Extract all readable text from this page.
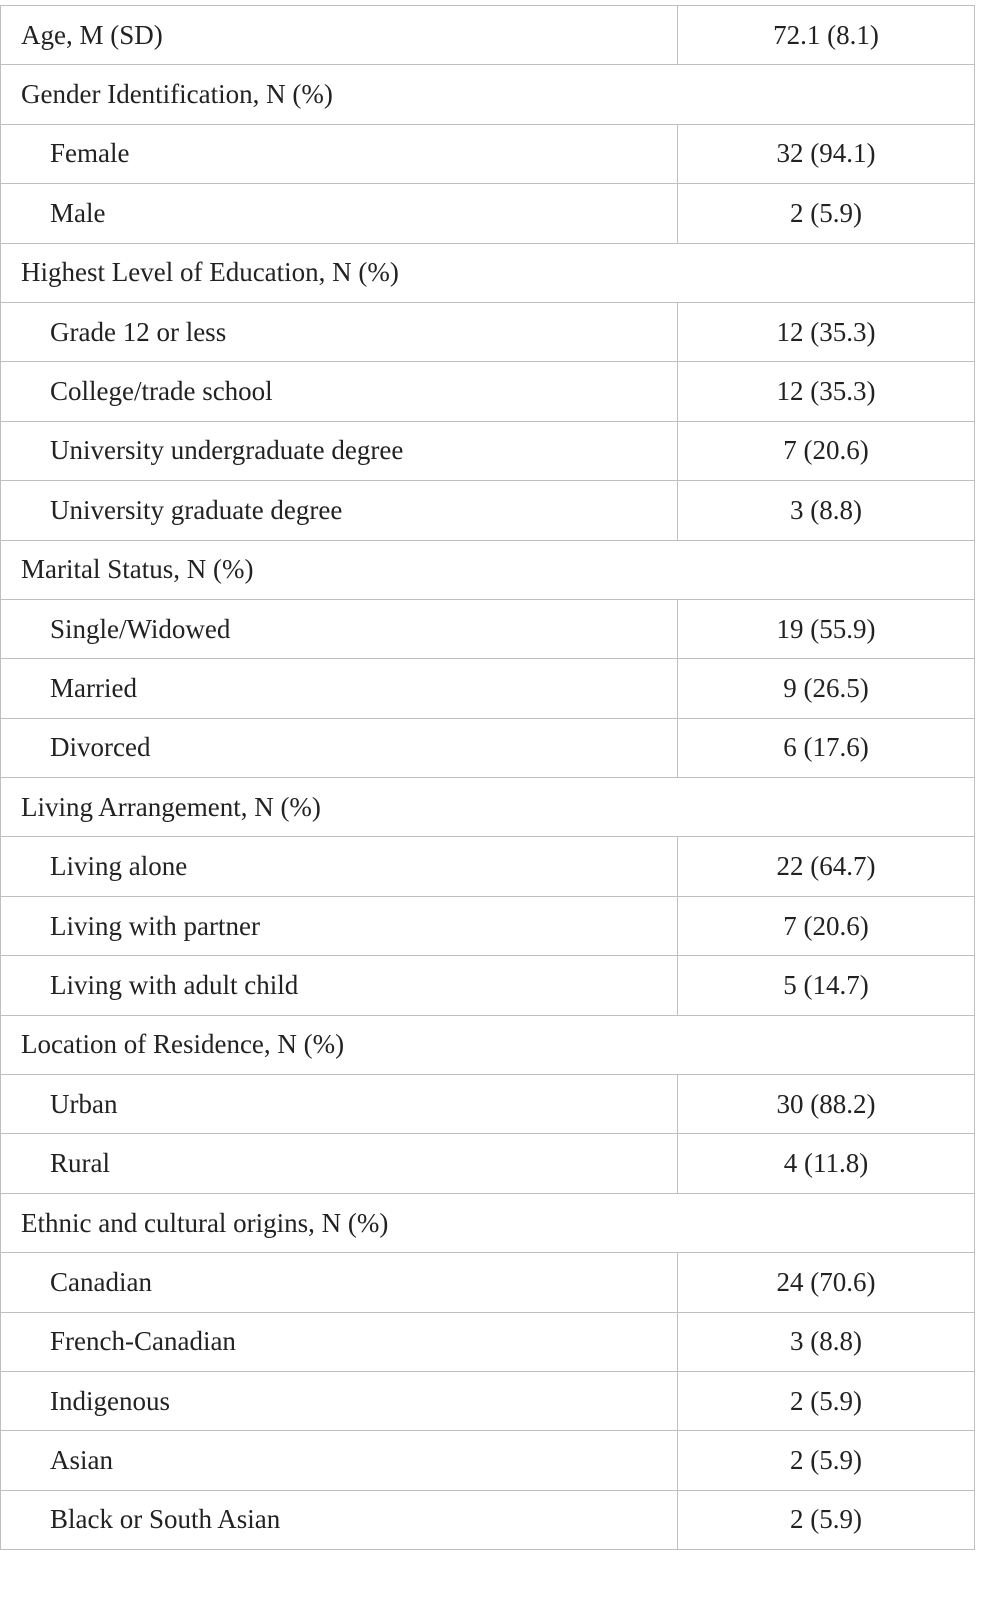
Age, M (SD)	72.1 (8.1)
Gender Identification, N (%)	
Female	32 (94.1)
Male	2 (5.9)
Highest Level of Education, N (%)	
Grade 12 or less	12 (35.3)
College/trade school	12 (35.3)
University undergraduate degree	7 (20.6)
University graduate degree	3 (8.8)
Marital Status, N (%)	
Single/Widowed	19 (55.9)
Married	9 (26.5)
Divorced	6 (17.6)
Living Arrangement, N (%)	
Living alone	22 (64.7)
Living with partner	7 (20.6)
Living with adult child	5 (14.7)
Location of Residence, N (%)	
Urban	30 (88.2)
Rural	4 (11.8)
Ethnic and cultural origins, N (%)	
Canadian	24 (70.6)
French-Canadian	3 (8.8)
Indigenous	2 (5.9)
Asian	2 (5.9)
Black or South Asian	2 (5.9)
